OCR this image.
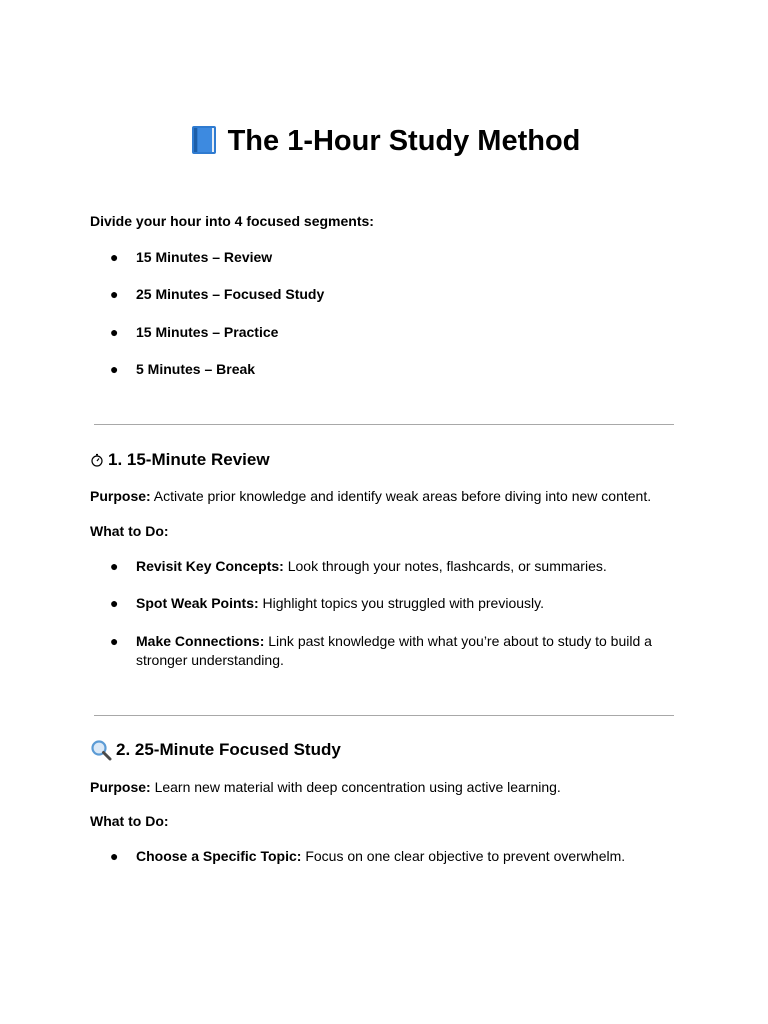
The 1-Hour Study Method
Divide your hour into 4 focused segments:
● 15 Minutes – Review
● 25 Minutes – Focused Study
● 15 Minutes – Practice
● 5 Minutes – Break
1. 15-Minute Review
Purpose: Activate prior knowledge and identify weak areas before diving into new content.
What to Do:
● Revisit Key Concepts: Look through your notes, flashcards, or summaries.
● Spot Weak Points: Highlight topics you struggled with previously.
● Make Connections: Link past knowledge with what you’re about to study to build a stronger understanding.
2. 25-Minute Focused Study
Purpose: Learn new material with deep concentration using active learning.
What to Do:
● Choose a Specific Topic: Focus on one clear objective to prevent overwhelm.
